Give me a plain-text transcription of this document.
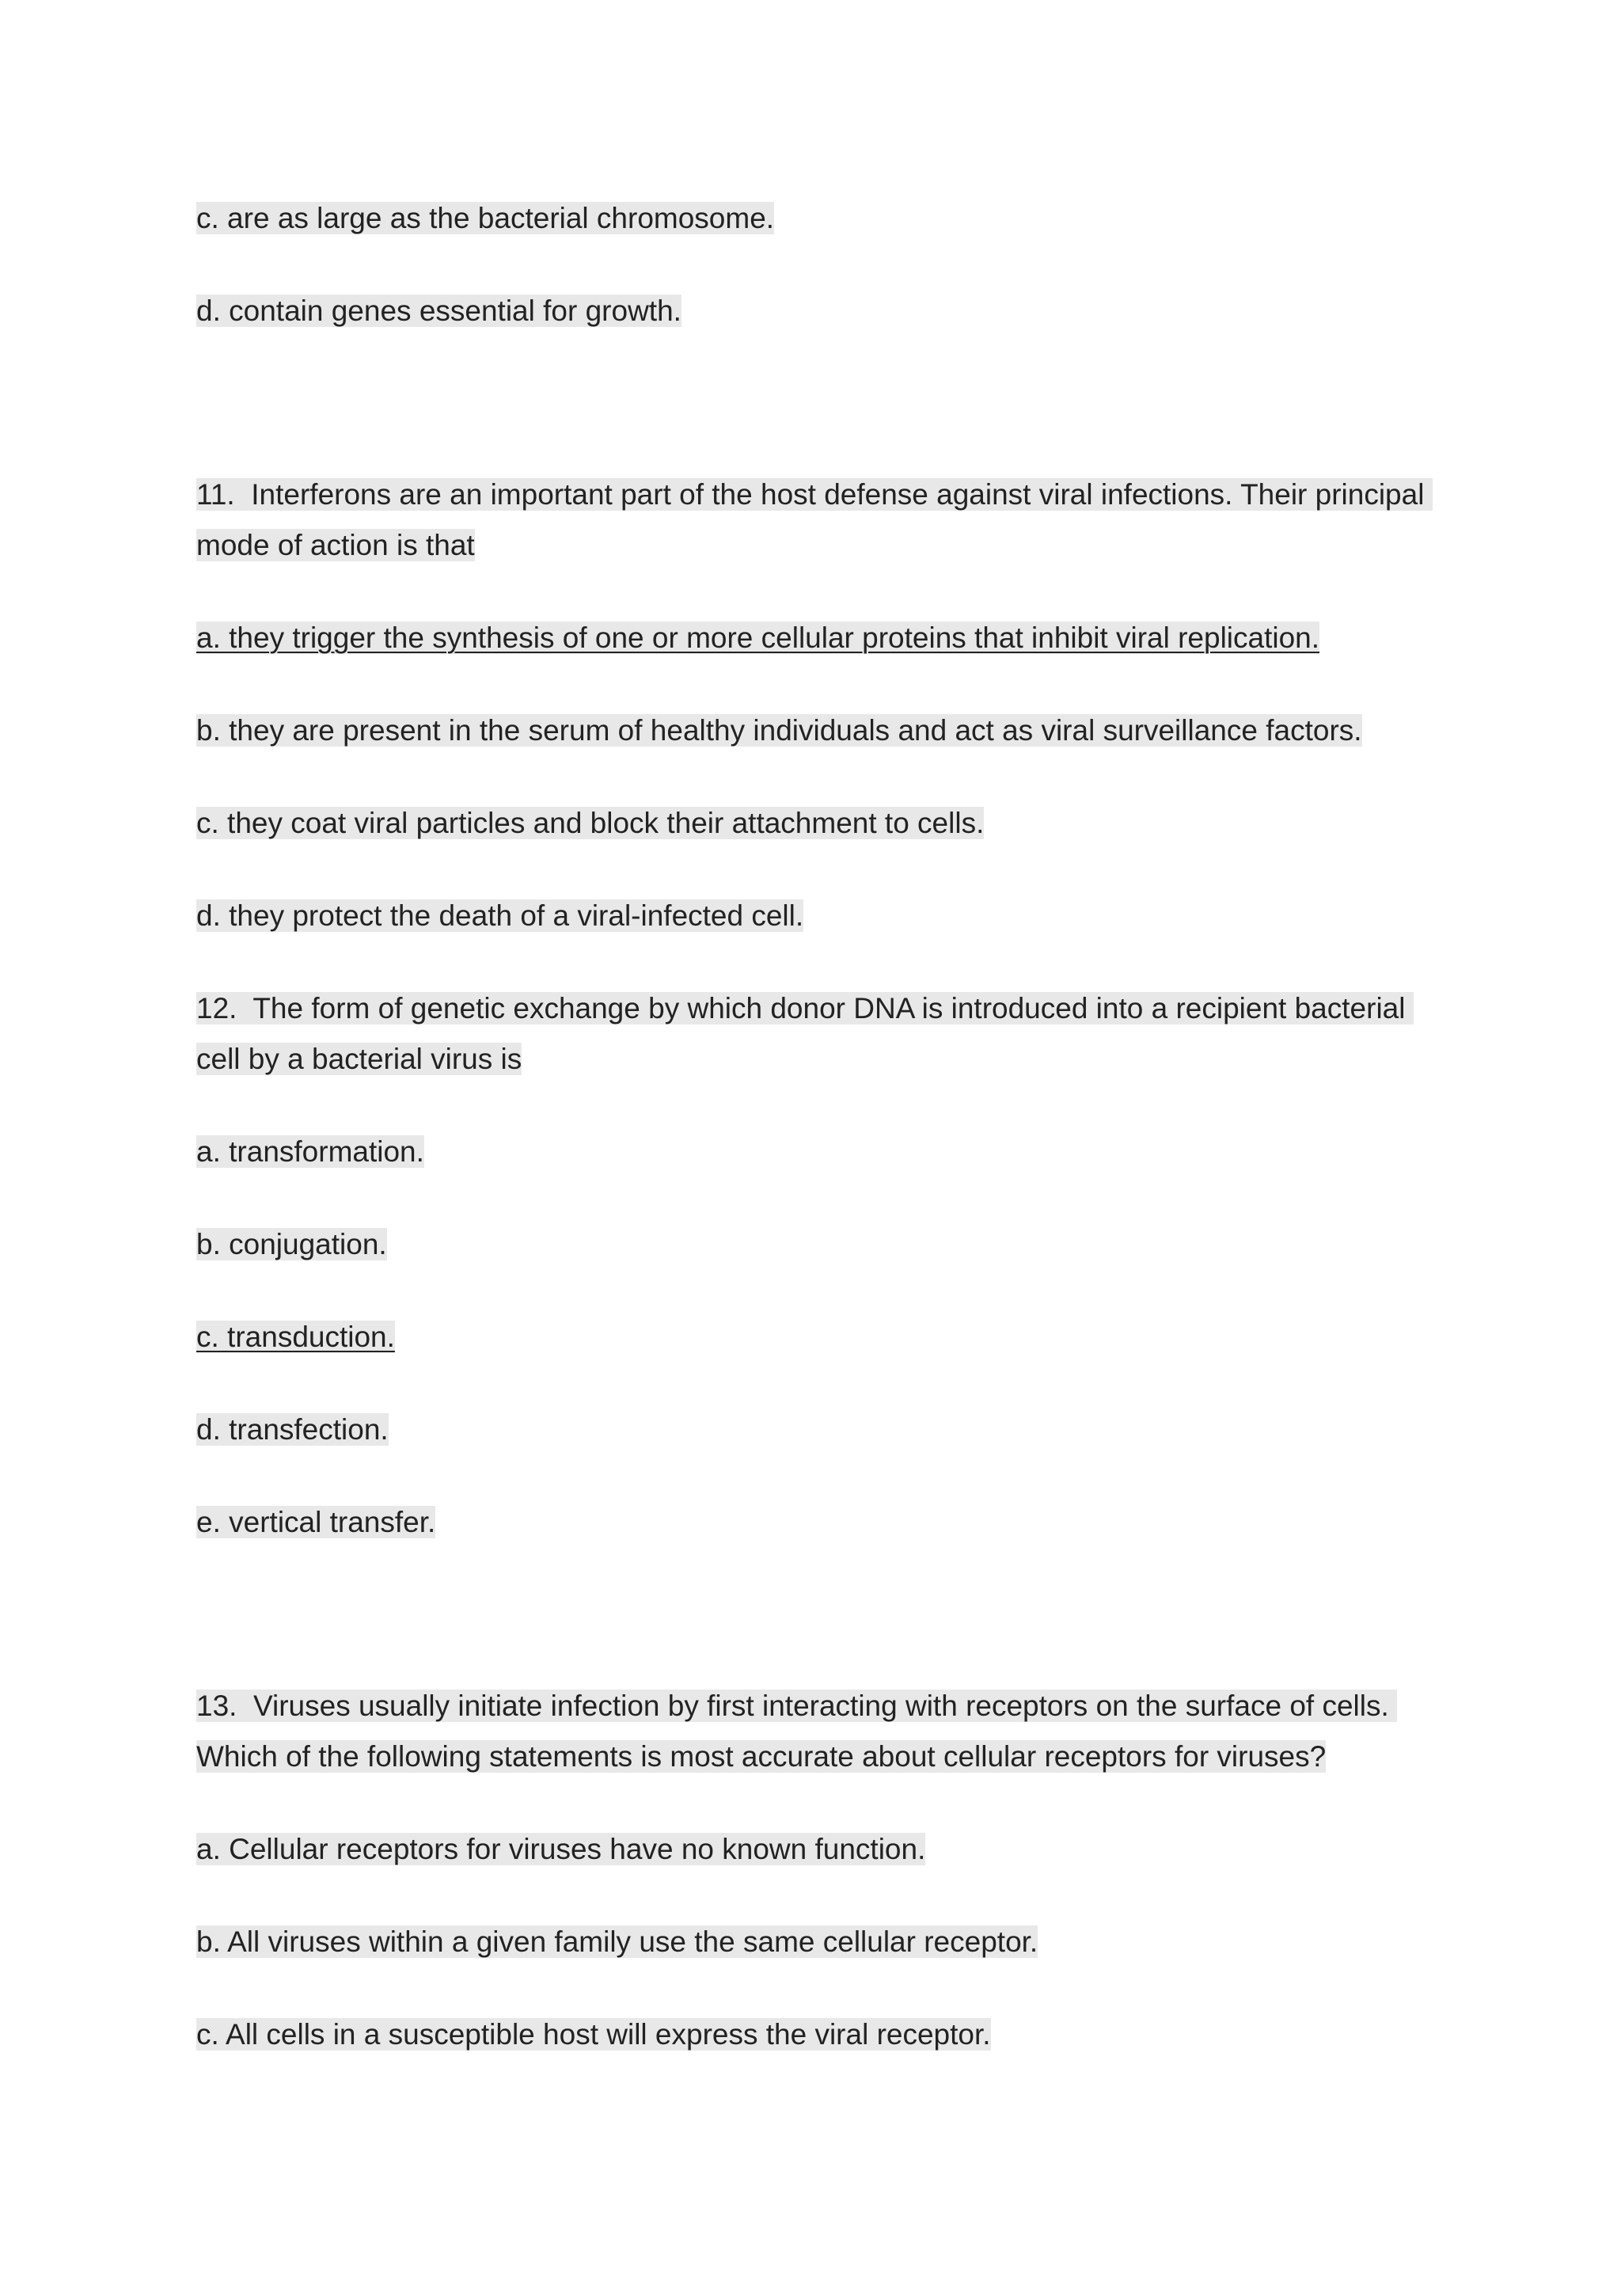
c. are as large as the bacterial chromosome.

d. contain genes essential for growth.

11.  Interferons are an important part of the host defense against viral infections. Their principal mode of action is that

a. they trigger the synthesis of one or more cellular proteins that inhibit viral replication.

b. they are present in the serum of healthy individuals and act as viral surveillance factors.

c. they coat viral particles and block their attachment to cells.

d. they protect the death of a viral-infected cell.

12.  The form of genetic exchange by which donor DNA is introduced into a recipient bacterial cell by a bacterial virus is

a. transformation.

b. conjugation.

c. transduction.

d. transfection.

e. vertical transfer.

13.  Viruses usually initiate infection by first interacting with receptors on the surface of cells. Which of the following statements is most accurate about cellular receptors for viruses?

a. Cellular receptors for viruses have no known function.

b. All viruses within a given family use the same cellular receptor.

c. All cells in a susceptible host will express the viral receptor.
